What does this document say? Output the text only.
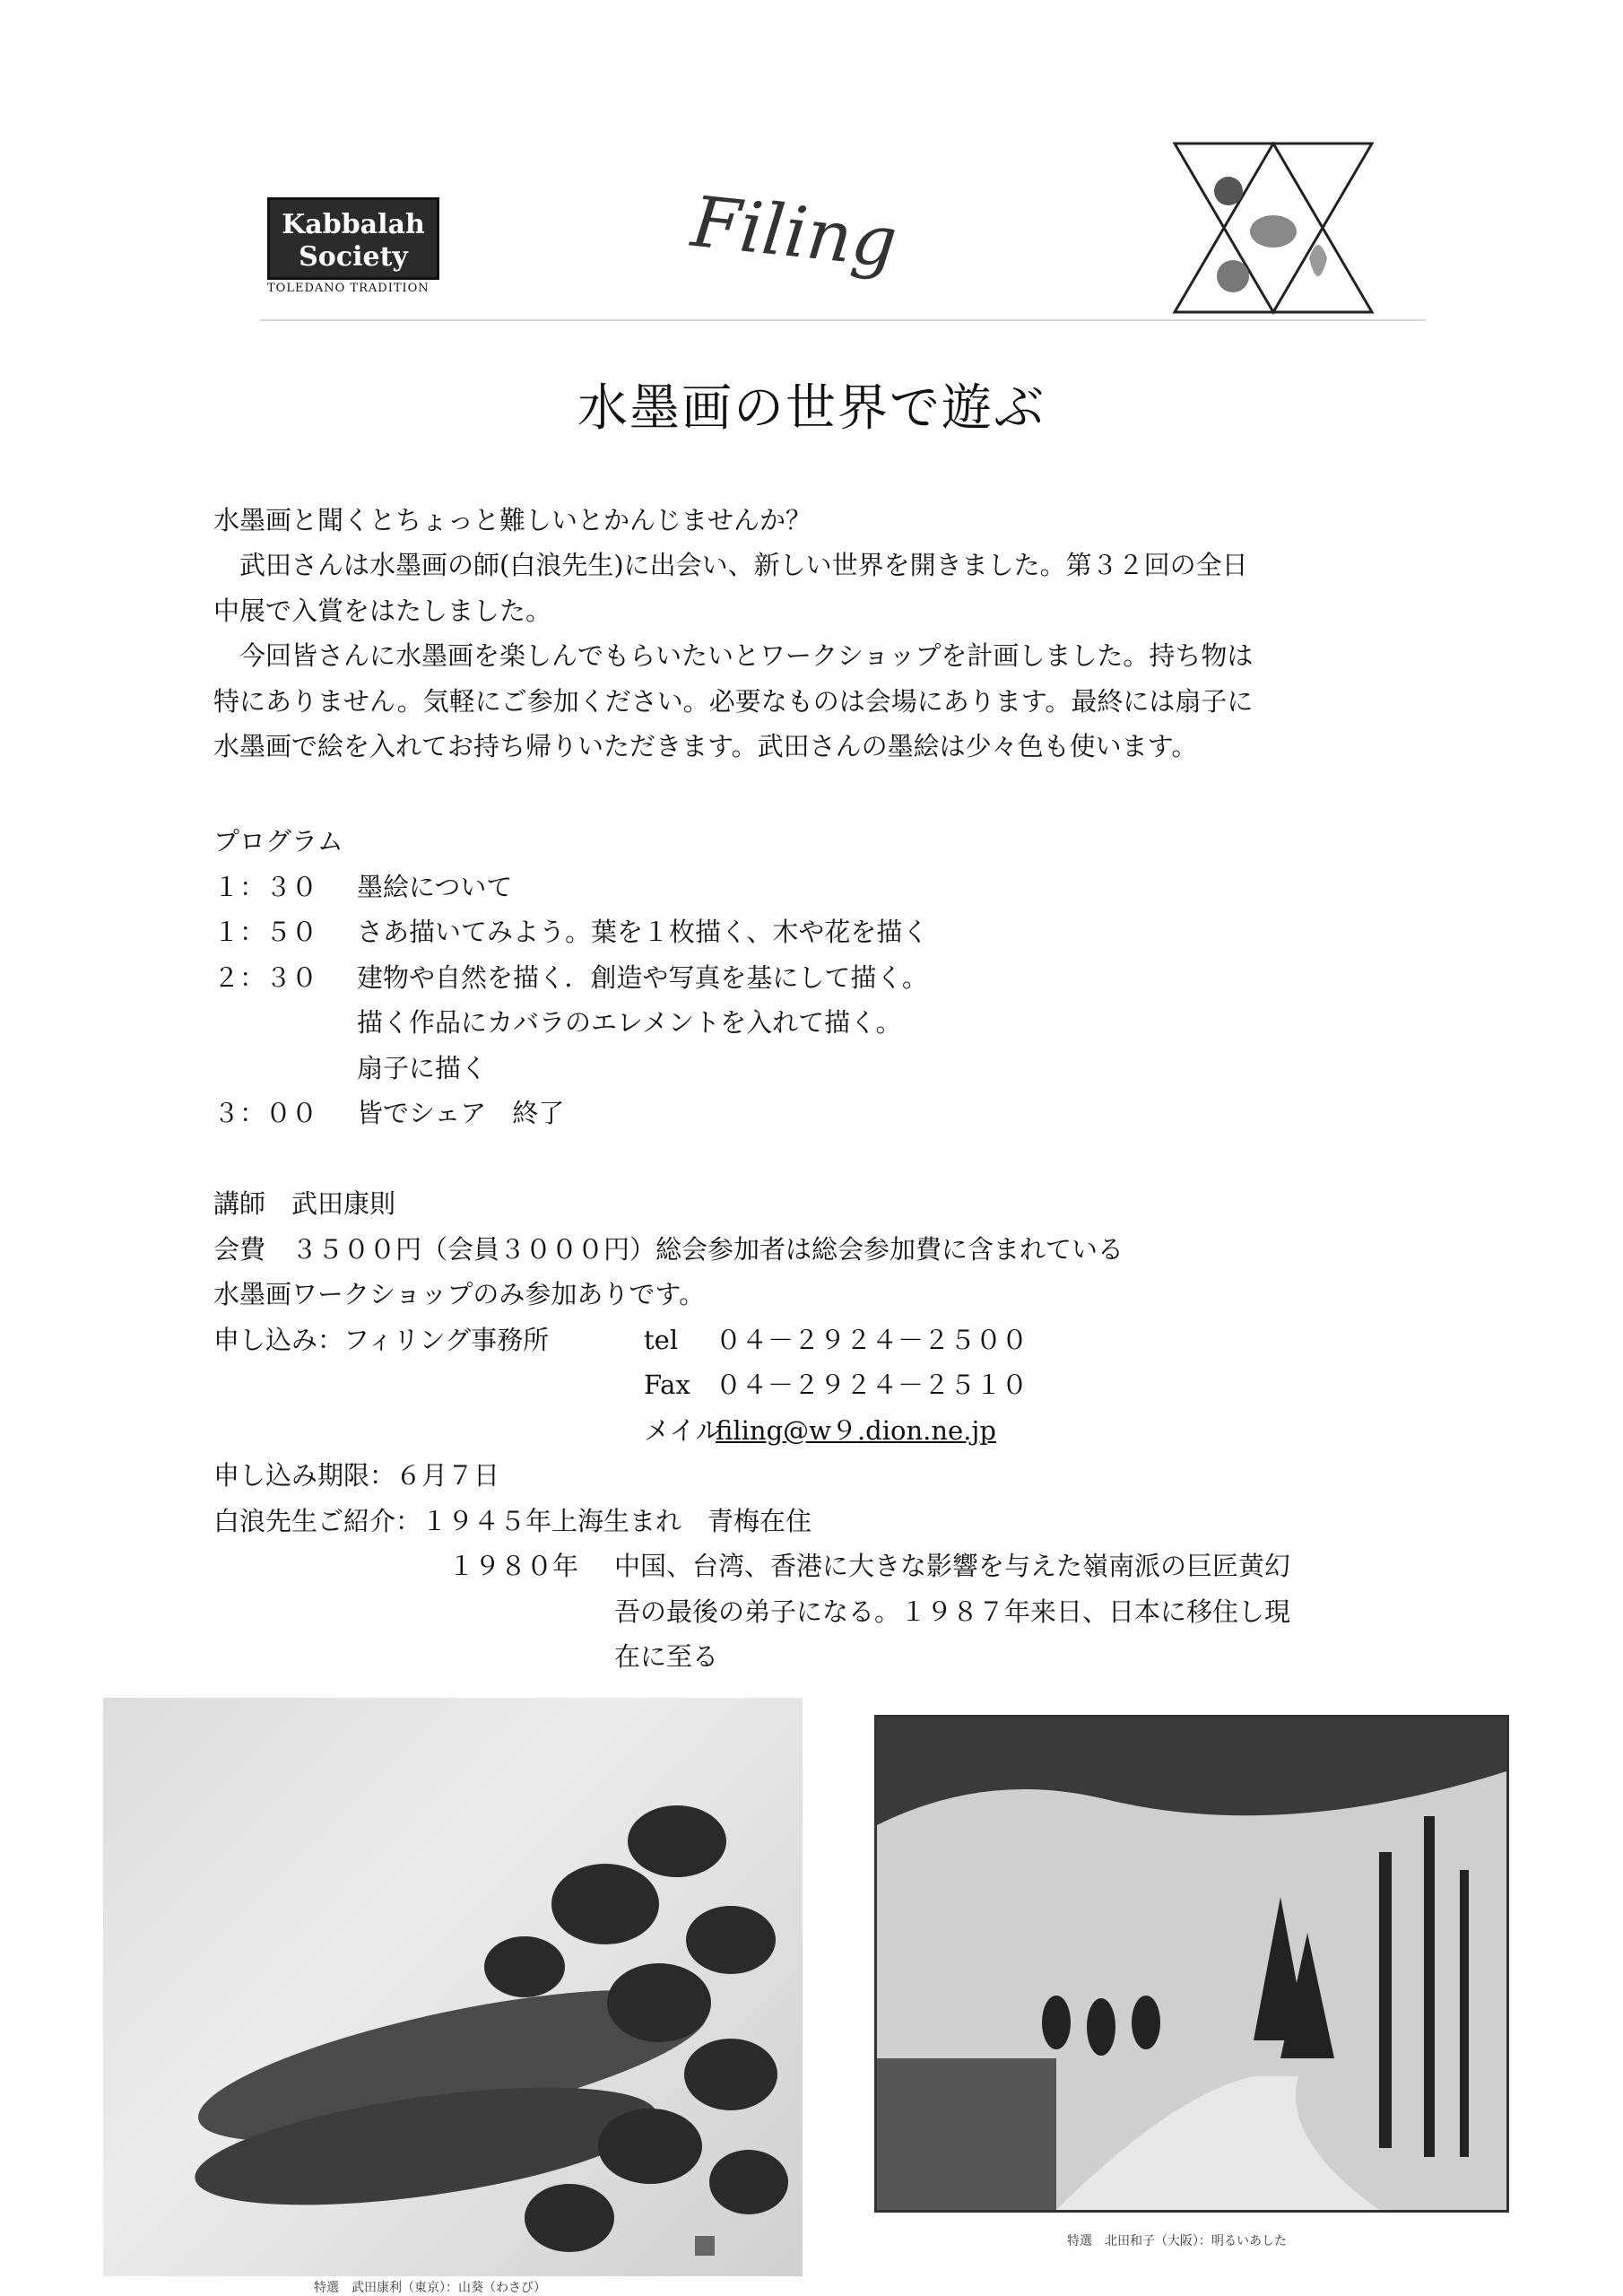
Kabbalah
Society
TOLEDANO TRADITION
Filing
水墨画の世界で遊ぶ
水墨画と聞くとちょっと難しいとかんじませんか？
　武田さんは水墨画の師(白浪先生)に出会い、新しい世界を開きました。第３２回の全日
中展で入賞をはたしました。
　今回皆さんに水墨画を楽しんでもらいたいとワークショップを計画しました。持ち物は
特にありません。気軽にご参加ください。必要なものは会場にあります。最終には扇子に
水墨画で絵を入れてお持ち帰りいただきます。武田さんの墨絵は少々色も使います。
プログラム
１：３０ 墨絵について
１：５０ さあ描いてみよう。葉を１枚描く、木や花を描く
２：３０ 建物や自然を描く．創造や写真を基にして描く。
描く作品にカバラのエレメントを入れて描く。
扇子に描く
３：００ 皆でシェア　終了
講師　武田康則
会費　３５００円（会員３０００円）総会参加者は総会参加費に含まれている
水墨画ワークショップのみ参加ありです。
申し込み：フィリング事務所	tel	０４－２９２４－２５００
Fax ０４－２９２４－２５１０
メイル
filing@w９.dion.ne.jp
申し込み期限：６月７日
白浪先生ご紹介：１９４５年上海生まれ　青梅在住
１９８０年 中国、台湾、香港に大きな影響を与えた嶺南派の巨匠黄幻
吾の最後の弟子になる。１９８７年来日、日本に移住し現
在に至る
特選　武田康利（東京）：山葵（わさび）
特選　北田和子（大阪）：明るいあした
